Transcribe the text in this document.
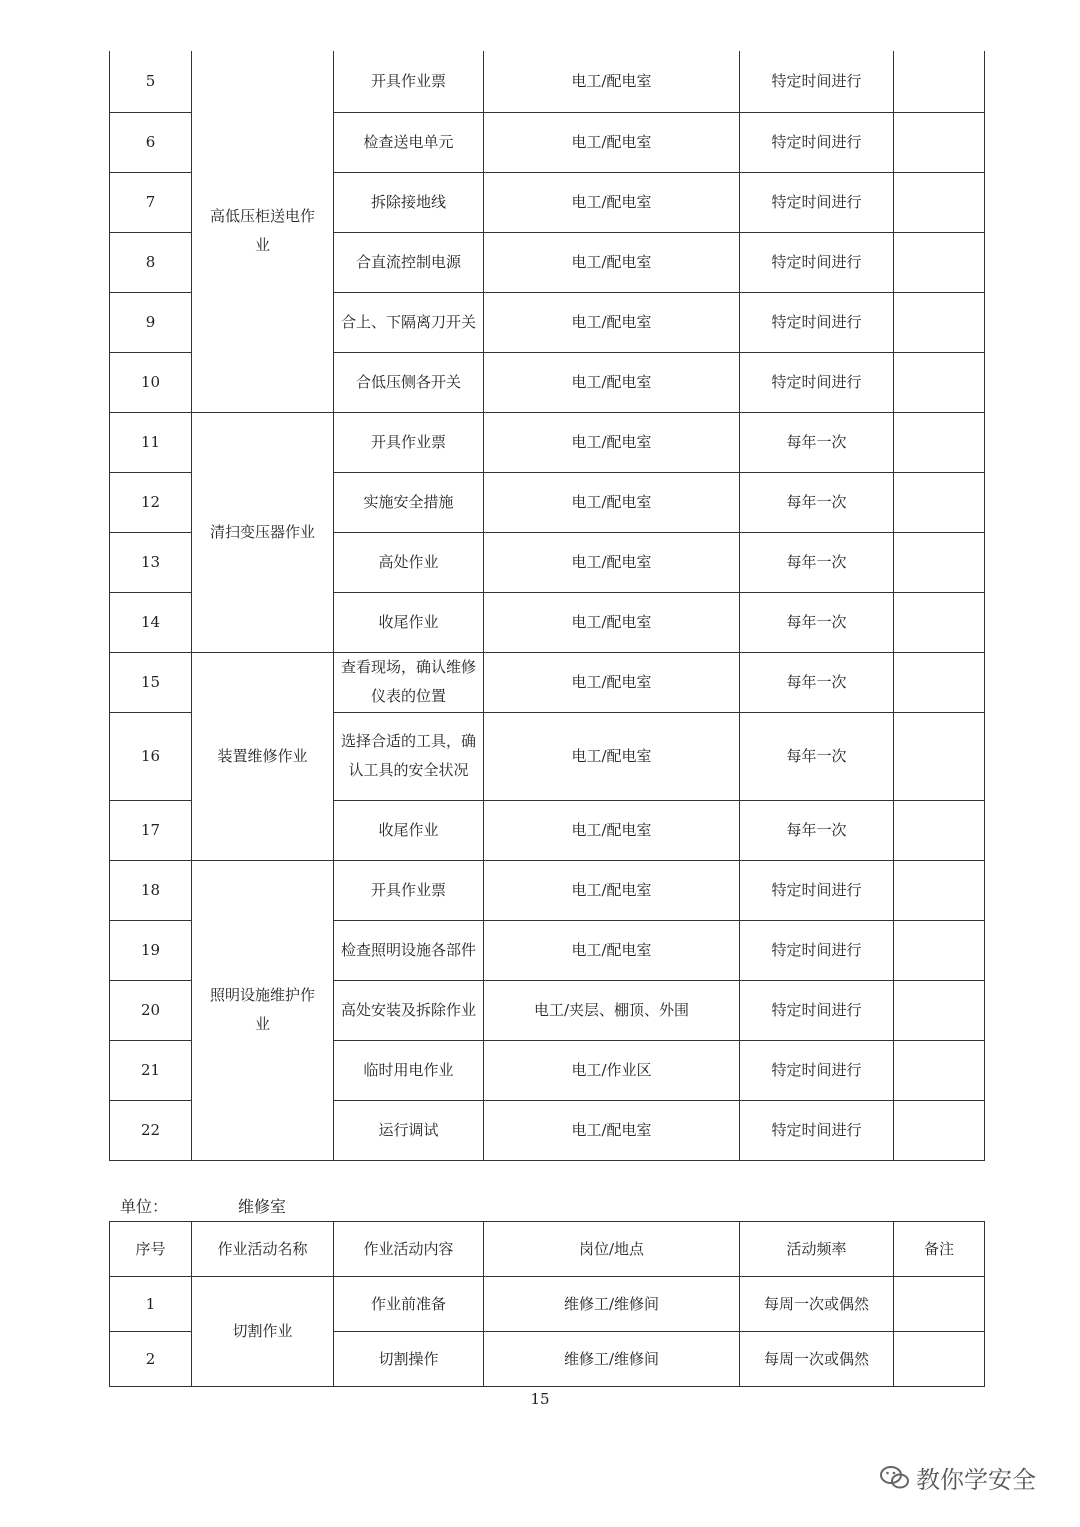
5	高低压柜送电作业	开具作业票	电工/配电室	特定时间进行	
6		检查送电单元	电工/配电室	特定时间进行	
7		拆除接地线	电工/配电室	特定时间进行	
8		合直流控制电源	电工/配电室	特定时间进行	
9		合上、下隔离刀开关	电工/配电室	特定时间进行	
10		合低压侧各开关	电工/配电室	特定时间进行	
11	清扫变压器作业	开具作业票	电工/配电室	每年一次	
12		实施安全措施	电工/配电室	每年一次	
13		高处作业	电工/配电室	每年一次	
14		收尾作业	电工/配电室	每年一次	
15	装置维修作业	查看现场，确认维修仪表的位置	电工/配电室	每年一次	
16		选择合适的工具，确认工具的安全状况	电工/配电室	每年一次	
17		收尾作业	电工/配电室	每年一次	
18	照明设施维护作业	开具作业票	电工/配电室	特定时间进行	
19		检查照明设施各部件	电工/配电室	特定时间进行	
20		高处安装及拆除作业	电工/夹层、棚顶、外围	特定时间进行	
21		临时用电作业	电工/作业区	特定时间进行	
22		运行调试	电工/配电室	特定时间进行	
单位：	维修室
序号	作业活动名称	作业活动内容	岗位/地点	活动频率	备注
1	切割作业	作业前准备	维修工/维修间	每周一次或偶然	
2		切割操作	维修工/维修间	每周一次或偶然	
15
教你学安全
